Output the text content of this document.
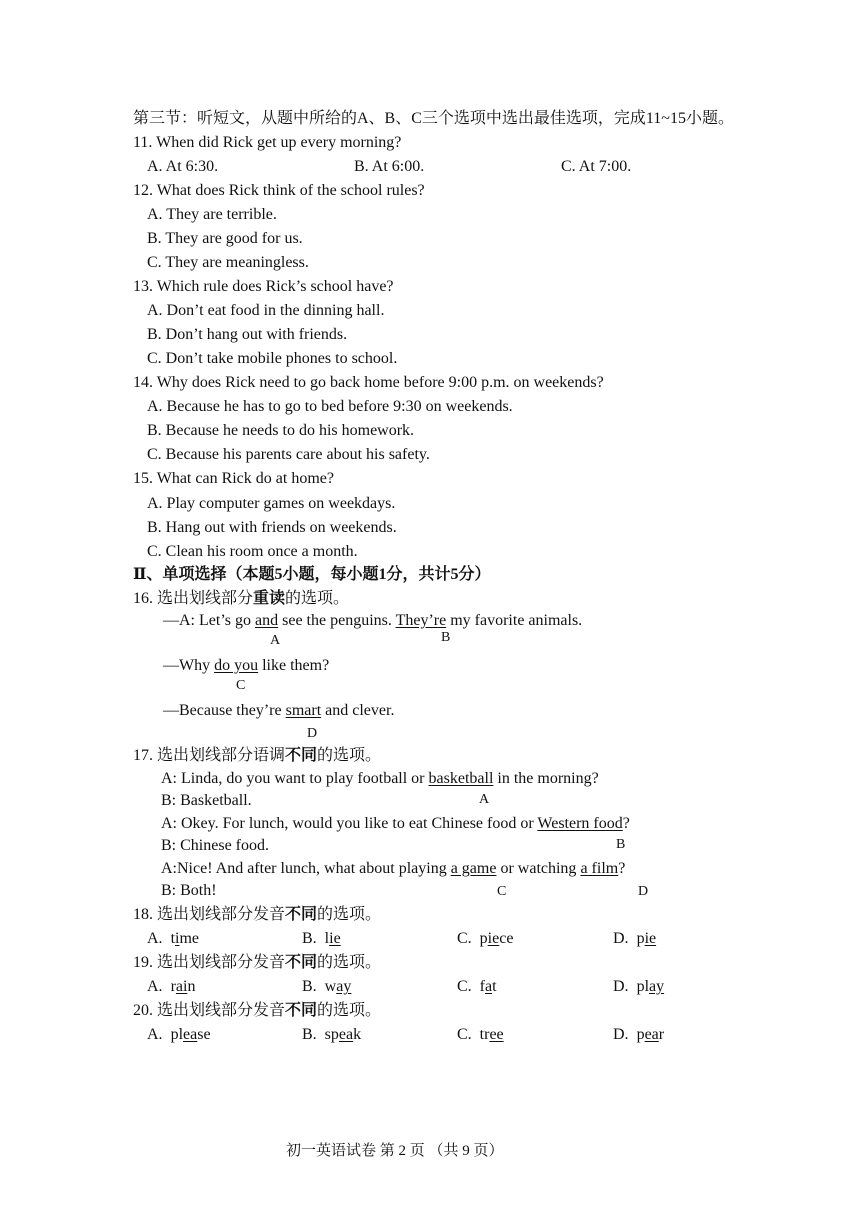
第三节：听短文，从题中所给的A、B、C三个选项中选出最佳选项，完成11~15小题。
11. When did Rick get up every morning?
A. At 6:30.	B. At 6:00.	C. At 7:00.
12. What does Rick think of the school rules?
A. They are terrible.
B. They are good for us.
C. They are meaningless.
13. Which rule does Rick’s school have?
A. Don’t eat food in the dinning hall.
B. Don’t hang out with friends.
C. Don’t take mobile phones to school.
14. Why does Rick need to go back home before 9:00 p.m. on weekends?
A. Because he has to go to bed before 9:30 on weekends.
B. Because he needs to do his homework.
C. Because his parents care about his safety.
15. What can Rick do at home?
A. Play computer games on weekdays.
B. Hang out with friends on weekends.
C. Clean his room once a month.
Ⅱ、单项选择（本题5小题，每小题1分，共计5分）
16. 选出划线部分重读的选项。
—A: Let’s go and see the penguins. They’re my favorite animals.
A	B
—Why do you like them?
C
—Because they’re smart and clever.
D
17. 选出划线部分语调不同的选项。
A: Linda, do you want to play football or basketball in the morning?
B: Basketball.	A
A: Okey. For lunch, would you like to eat Chinese food or Western food?
B: Chinese food.	B
A:Nice! And after lunch, what about playing a game or watching a film?
B: Both!	C	D
18. 选出划线部分发音不同的选项。
A. time	B. lie	C. piece	D. pie
19. 选出划线部分发音不同的选项。
A. rain	B. way	C. fat	D. play
20. 选出划线部分发音不同的选项。
A. please	B. speak	C. tree	D. pear
初一英语试卷 第 2 页 （共 9 页）
